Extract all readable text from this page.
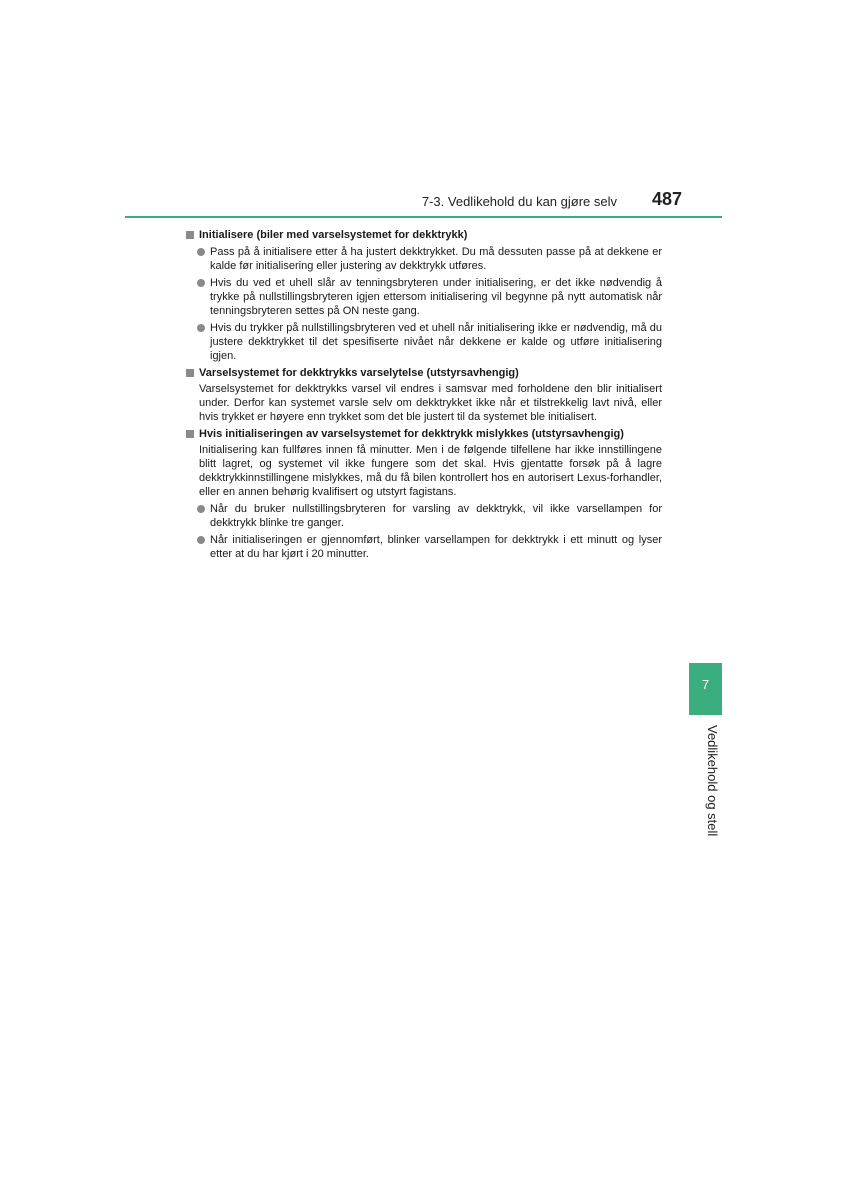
7-3. Vedlikehold du kan gjøre selv 487
Initialisere (biler med varselsystemet for dekktrykk)
Pass på å initialisere etter å ha justert dekktrykket. Du må dessuten passe på at dekkene er kalde før initialisering eller justering av dekktrykk utføres.
Hvis du ved et uhell slår av tenningsbryteren under initialisering, er det ikke nødvendig å trykke på nullstillingsbryteren igjen ettersom initialisering vil begynne på nytt automatisk når tenningsbryteren settes på ON neste gang.
Hvis du trykker på nullstillingsbryteren ved et uhell når initialisering ikke er nødvendig, må du justere dekktrykket til det spesifiserte nivået når dekkene er kalde og utføre initialisering igjen.
Varselsystemet for dekktrykks varselytelse (utstyrsavhengig)
Varselsystemet for dekktrykks varsel vil endres i samsvar med forholdene den blir initialisert under. Derfor kan systemet varsle selv om dekktrykket ikke når et tilstrekkelig lavt nivå, eller hvis trykket er høyere enn trykket som det ble justert til da systemet ble initialisert.
Hvis initialiseringen av varselsystemet for dekktrykk mislykkes (utstyrsavhengig)
Initialisering kan fullføres innen få minutter. Men i de følgende tilfellene har ikke innstillingene blitt lagret, og systemet vil ikke fungere som det skal. Hvis gjentatte forsøk på å lagre dekktrykkinnstillingene mislykkes, må du få bilen kontrollert hos en autorisert Lexus-forhandler, eller en annen behørig kvalifisert og utstyrt fagistans.
Når du bruker nullstillingsbryteren for varsling av dekktrykk, vil ikke varsellampen for dekktrykk blinke tre ganger.
Når initialiseringen er gjennomført, blinker varsellampen for dekktrykk i ett minutt og lyser etter at du har kjørt i 20 minutter.
7
Vedlikehold og stell
